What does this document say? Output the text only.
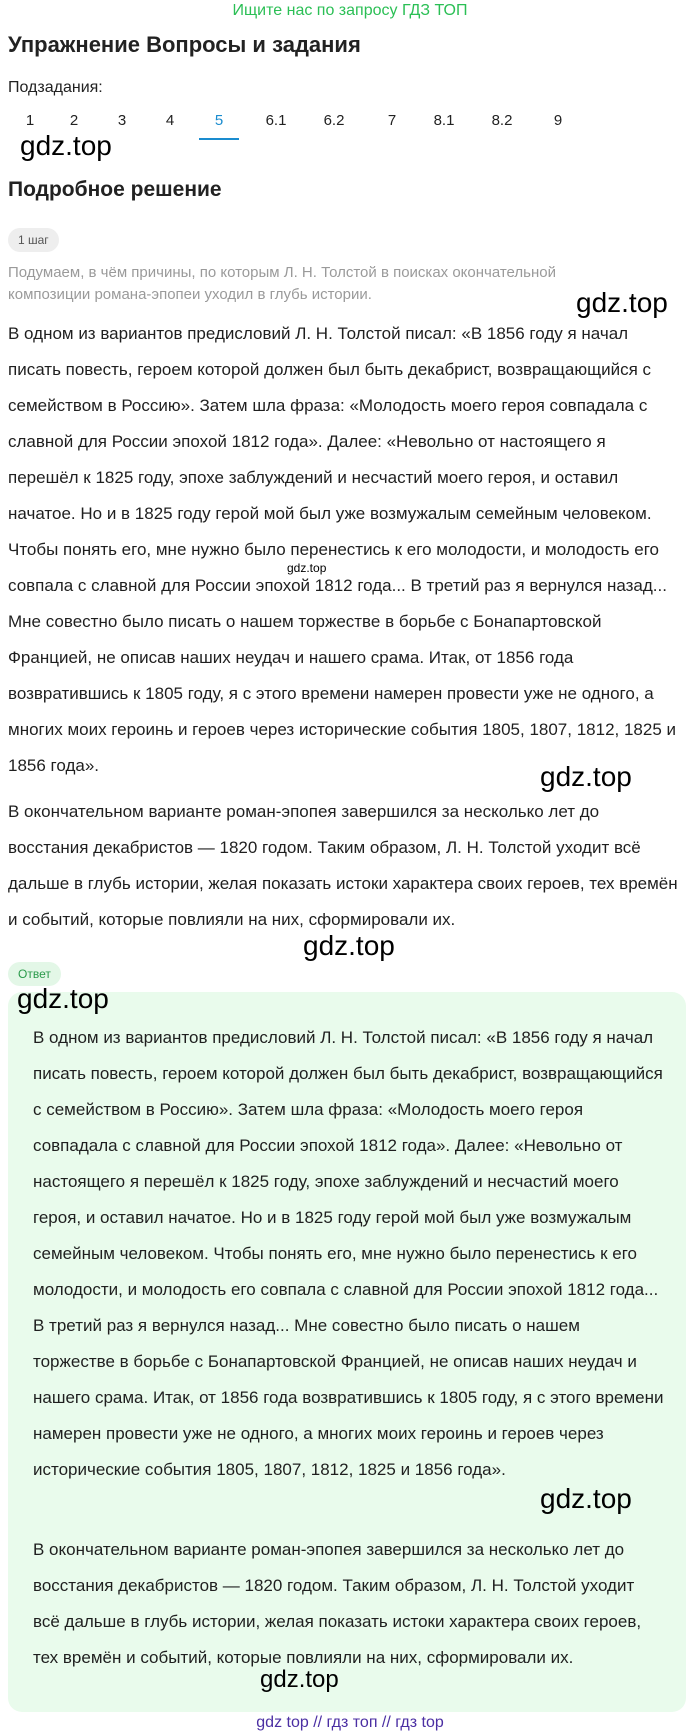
Ищите нас по запросу ГДЗ ТОП
Упражнение Вопросы и задания
Подзадания:
1	2	3	4	5	6.1	6.2	7	8.1	8.2	9
gdz.top
Подробное решение
1 шаг
Подумаем, в чём причины, по которым Л. Н. Толстой в поисках окончательной композиции романа-эпопеи уходил в глубь истории.	gdz.top
В одном из вариантов предисловий Л. Н. Толстой писал: «В 1856 году я начал писать повесть, героем которой должен был быть декабрист, возвращающийся с семейством в Россию». Затем шла фраза: «Молодость моего героя совпадала с славной для России эпохой 1812 года». Далее: «Невольно от настоящего я перешёл к 1825 году, эпохе заблуждений и несчастий моего героя, и оставил начатое. Но и в 1825 году герой мой был уже возмужалым семейным человеком. Чтобы понять его, мне нужно было перенестись к его молодости, и молодость его совпала с славной для России эпохой 1812 года... В третий раз я вернулся назад... Мне совестно было писать о нашем торжестве в борьбе с Бонапартовской Францией, не описав наших неудач и нашего срама. Итак, от 1856 года возвратившись к 1805 году, я с этого времени намерен провести уже не одного, а многих моих героинь и героев через исторические события 1805, 1807, 1812, 1825 и 1856 года».
gdz.top
gdz.top
В окончательном варианте роман-эпопея завершился за несколько лет до восстания декабристов — 1820 годом. Таким образом, Л. Н. Толстой уходит всё дальше в глубь истории, желая показать истоки характера своих героев, тех времён и событий, которые повлияли на них, сформировали их.
gdz.top
Ответ
gdz.top
В одном из вариантов предисловий Л. Н. Толстой писал: «В 1856 году я начал писать повесть, героем которой должен был быть декабрист, возвращающийся с семейством в Россию». Затем шла фраза: «Молодость моего героя совпадала с славной для России эпохой 1812 года». Далее: «Невольно от настоящего я перешёл к 1825 году, эпохе заблуждений и несчастий моего героя, и оставил начатое. Но и в 1825 году герой мой был уже возмужалым семейным человеком. Чтобы понять его, мне нужно было перенестись к его молодости, и молодость его совпала с славной для России эпохой 1812 года... В третий раз я вернулся назад... Мне совестно было писать о нашем торжестве в борьбе с Бонапартовской Францией, не описав наших неудач и нашего срама. Итак, от 1856 года возвратившись к 1805 году, я с этого времени намерен провести уже не одного, а многих моих героинь и героев через исторические события 1805, 1807, 1812, 1825 и 1856 года».
gdz.top
В окончательном варианте роман-эпопея завершился за несколько лет до восстания декабристов — 1820 годом. Таким образом, Л. Н. Толстой уходит всё дальше в глубь истории, желая показать истоки характера своих героев, тех времён и событий, которые повлияли на них, сформировали их.
gdz.top
gdz top // гдз топ // гдз top
